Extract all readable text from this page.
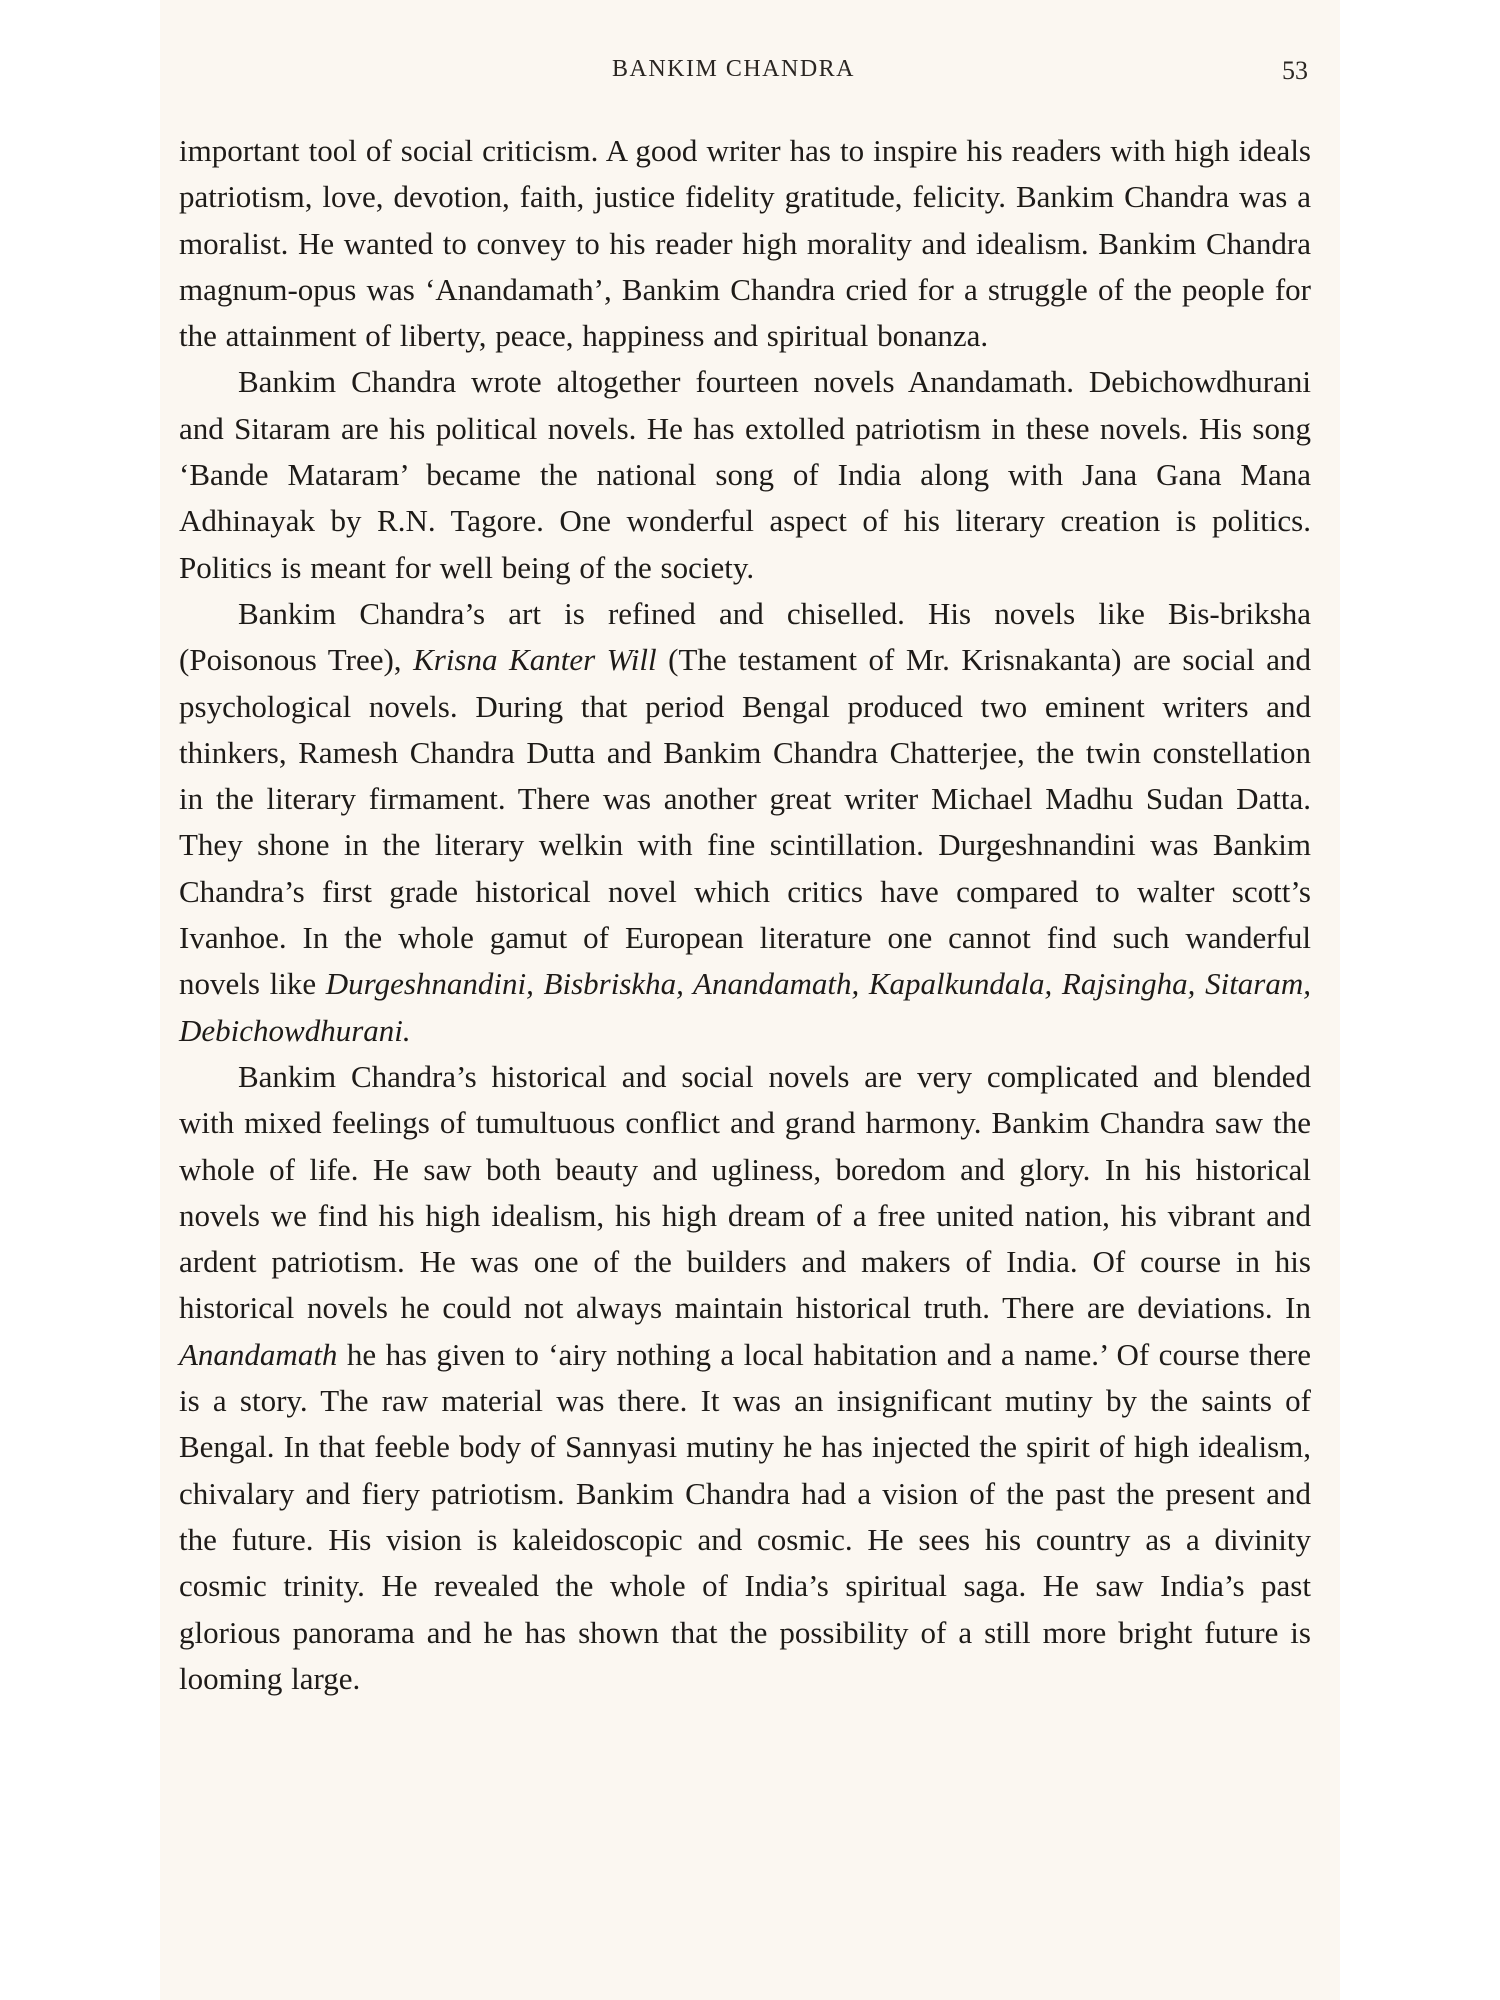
BANKIM CHANDRA	53

important tool of social criticism. A good writer has to inspire his readers with high ideals patriotism, love, devotion, faith, justice fidelity gratitude, felicity. Bankim Chandra was a moralist. He wanted to convey to his reader high morality and idealism. Bankim Chandra magnum-opus was ‘Anandamath’, Bankim Chandra cried for a struggle of the people for the attainment of liberty, peace, happiness and spiritual bonanza.

Bankim Chandra wrote altogether fourteen novels Anandamath. Debichowdhurani and Sitaram are his political novels. He has extolled patriotism in these novels. His song ‘Bande Mataram’ became the national song of India along with Jana Gana Mana Adhinayak by R.N. Tagore. One wonderful aspect of his literary creation is politics. Politics is meant for well being of the society.

Bankim Chandra’s art is refined and chiselled. His novels like Bis-briksha (Poisonous Tree), Krisna Kanter Will (The testament of Mr. Krisnakanta) are social and psychological novels. During that period Bengal produced two eminent writers and thinkers, Ramesh Chandra Dutta and Bankim Chandra Chatterjee, the twin constellation in the literary firmament. There was another great writer Michael Madhu Sudan Datta. They shone in the literary welkin with fine scintillation. Durgeshnandini was Bankim Chandra’s first grade historical novel which critics have compared to walter scott’s Ivanhoe. In the whole gamut of European literature one cannot find such wanderful novels like Durgeshnandini, Bisbriskha, Anandamath, Kapalkundala, Rajsingha, Sitaram, Debichowdhurani.

Bankim Chandra’s historical and social novels are very complicated and blended with mixed feelings of tumultuous conflict and grand harmony. Bankim Chandra saw the whole of life. He saw both beauty and ugliness, boredom and glory. In his historical novels we find his high idealism, his high dream of a free united nation, his vibrant and ardent patriotism. He was one of the builders and makers of India. Of course in his historical novels he could not always maintain historical truth. There are deviations. In Anandamath he has given to ‘airy nothing a local habitation and a name.’ Of course there is a story. The raw material was there. It was an insignificant mutiny by the saints of Bengal. In that feeble body of Sannyasi mutiny he has injected the spirit of high idealism, chivalary and fiery patriotism. Bankim Chandra had a vision of the past the present and the future. His vision is kaleidoscopic and cosmic. He sees his country as a divinity cosmic trinity. He revealed the whole of India’s spiritual saga. He saw India’s past glorious panorama and he has shown that the possibility of a still more bright future is looming large.
